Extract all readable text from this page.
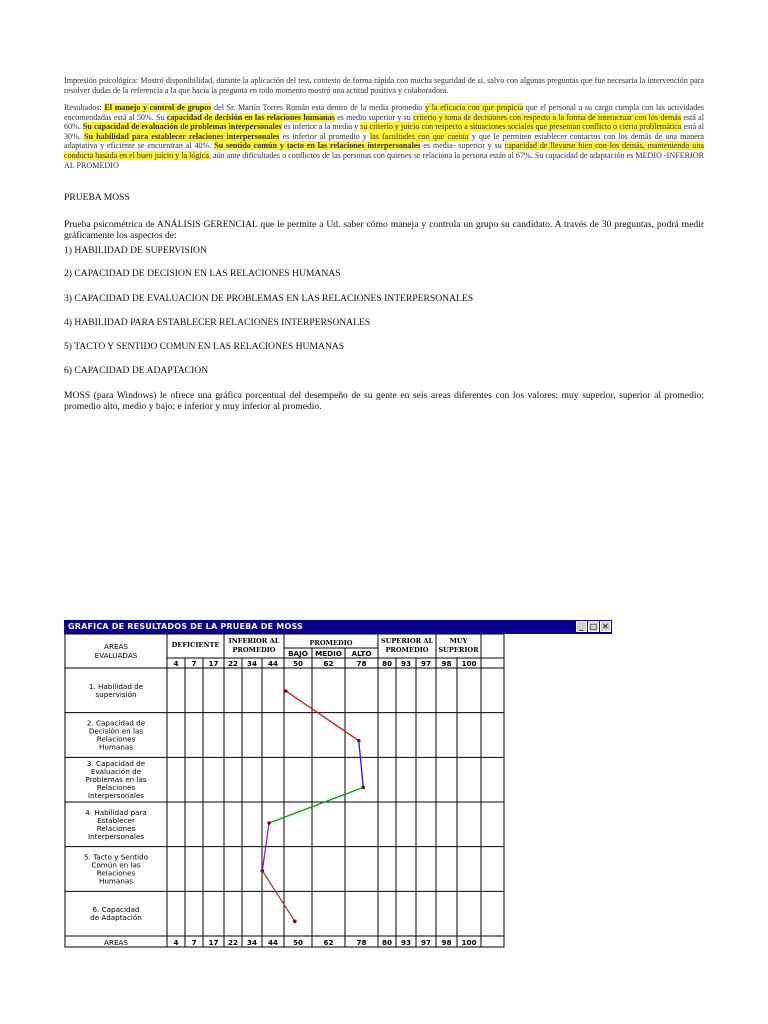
Impresión psicológica: Mostró disponibilidad, durante la aplicación del test, contesto de forma rápida con mucha seguridad de si, salvo con algunas preguntas que fue necesaria la intervención para resolver dudas de la referencia a la que hacia la pregunta en todo momento mostró una actitud positiva y colaboradora.

Resultados: El manejo y control de grupos del Sr. Martín Torres Román esta dentro de la media promedio y la eficacia con que propicia que el personal a su cargo cumpla con las actividades encomendadas está al 50%. Su capacidad de decisión en las relaciones humanas es medio superior y su criterio y toma de decisiones con respecto a la forma de interactuar con los demás está al 60%. Su capacidad de evaluación de problemas interpersonales es inferior a la media y su criterio y juicio con respecto a situaciones sociales que presentan conflicto o cierta problemática está al 30%. Su habilidad para establecer relaciones interpersonales es inferior al promedio y las facultades con que cuenta y que le permiten establecer contactos con los demás de una manera adaptativa y eficiente se encuentran al 40%. Su sentido común y tacto en las relaciones interpersonales es media- superior y su capacidad de llevarse bien con los demás, manteniendo una conducta basada en el buen juicio y la lógica, aún ante dificultades o conflictos de las personas con quienes se relaciona la persona están al 67%. Su capacidad de adaptación es MEDIO -INFERIOR AL PROMEDIO

PRUEBA MOSS

Prueba psicométrica de ANÁLISIS GERENCIAL que le permite a Ud. saber cómo maneja y controla un grupo su candidato. A través de 30 preguntas, podrá medir gráficamente los aspectos de:

1) HABILIDAD DE SUPERVISION

2) CAPACIDAD DE DECISION EN LAS RELACIONES HUMANAS

3) CAPACIDAD DE EVALUACION DE PROBLEMAS EN LAS RELACIONES INTERPERSONALES

4) HABILIDAD PARA ESTABLECER RELACIONES INTERPERSONALES

5) TACTO Y SENTIDO COMUN EN LAS RELACIONES HUMANAS

6) CAPACIDAD DE ADAPTACION

MOSS (para Windows) le ofrece una gráfica porcentual del desempeño de su gente en seis areas diferentes con los valores: muy superior, superior al promedio; promedio alto, medio y bajo; e inferior y muy inferior al promedio.

AREAS
EVALUADAS
DEFICIENTE INFERIOR AL
PROMEDIO
PROMEDIO	SUPERIOR AL
PROMEDIO
MUY
SUPERIOR
BAJO MEDIO ALTO
4
4
7
7
17
17
22
22
34
34
44
44
50
50
62
62
78
78
80
80
93
93
97
97
98
98
100
100
AREAS
1. Habilidad de
supervisión
2. Capacidad de
Decisión en las
Relaciones
Humanas
3. Capacidad de
Evaluación de
Problemas en las
Relaciones
Interpersonales
4. Habilidad para
Establecer
Relaciones
Interpersonales
5. Tacto y Sentido
Común en las
Relaciones
Humanas
6. Capacidad
de Adaptación
GRAFICA DE RESULTADOS DE LA PRUEBA DE MOSS	_ □ ✕
